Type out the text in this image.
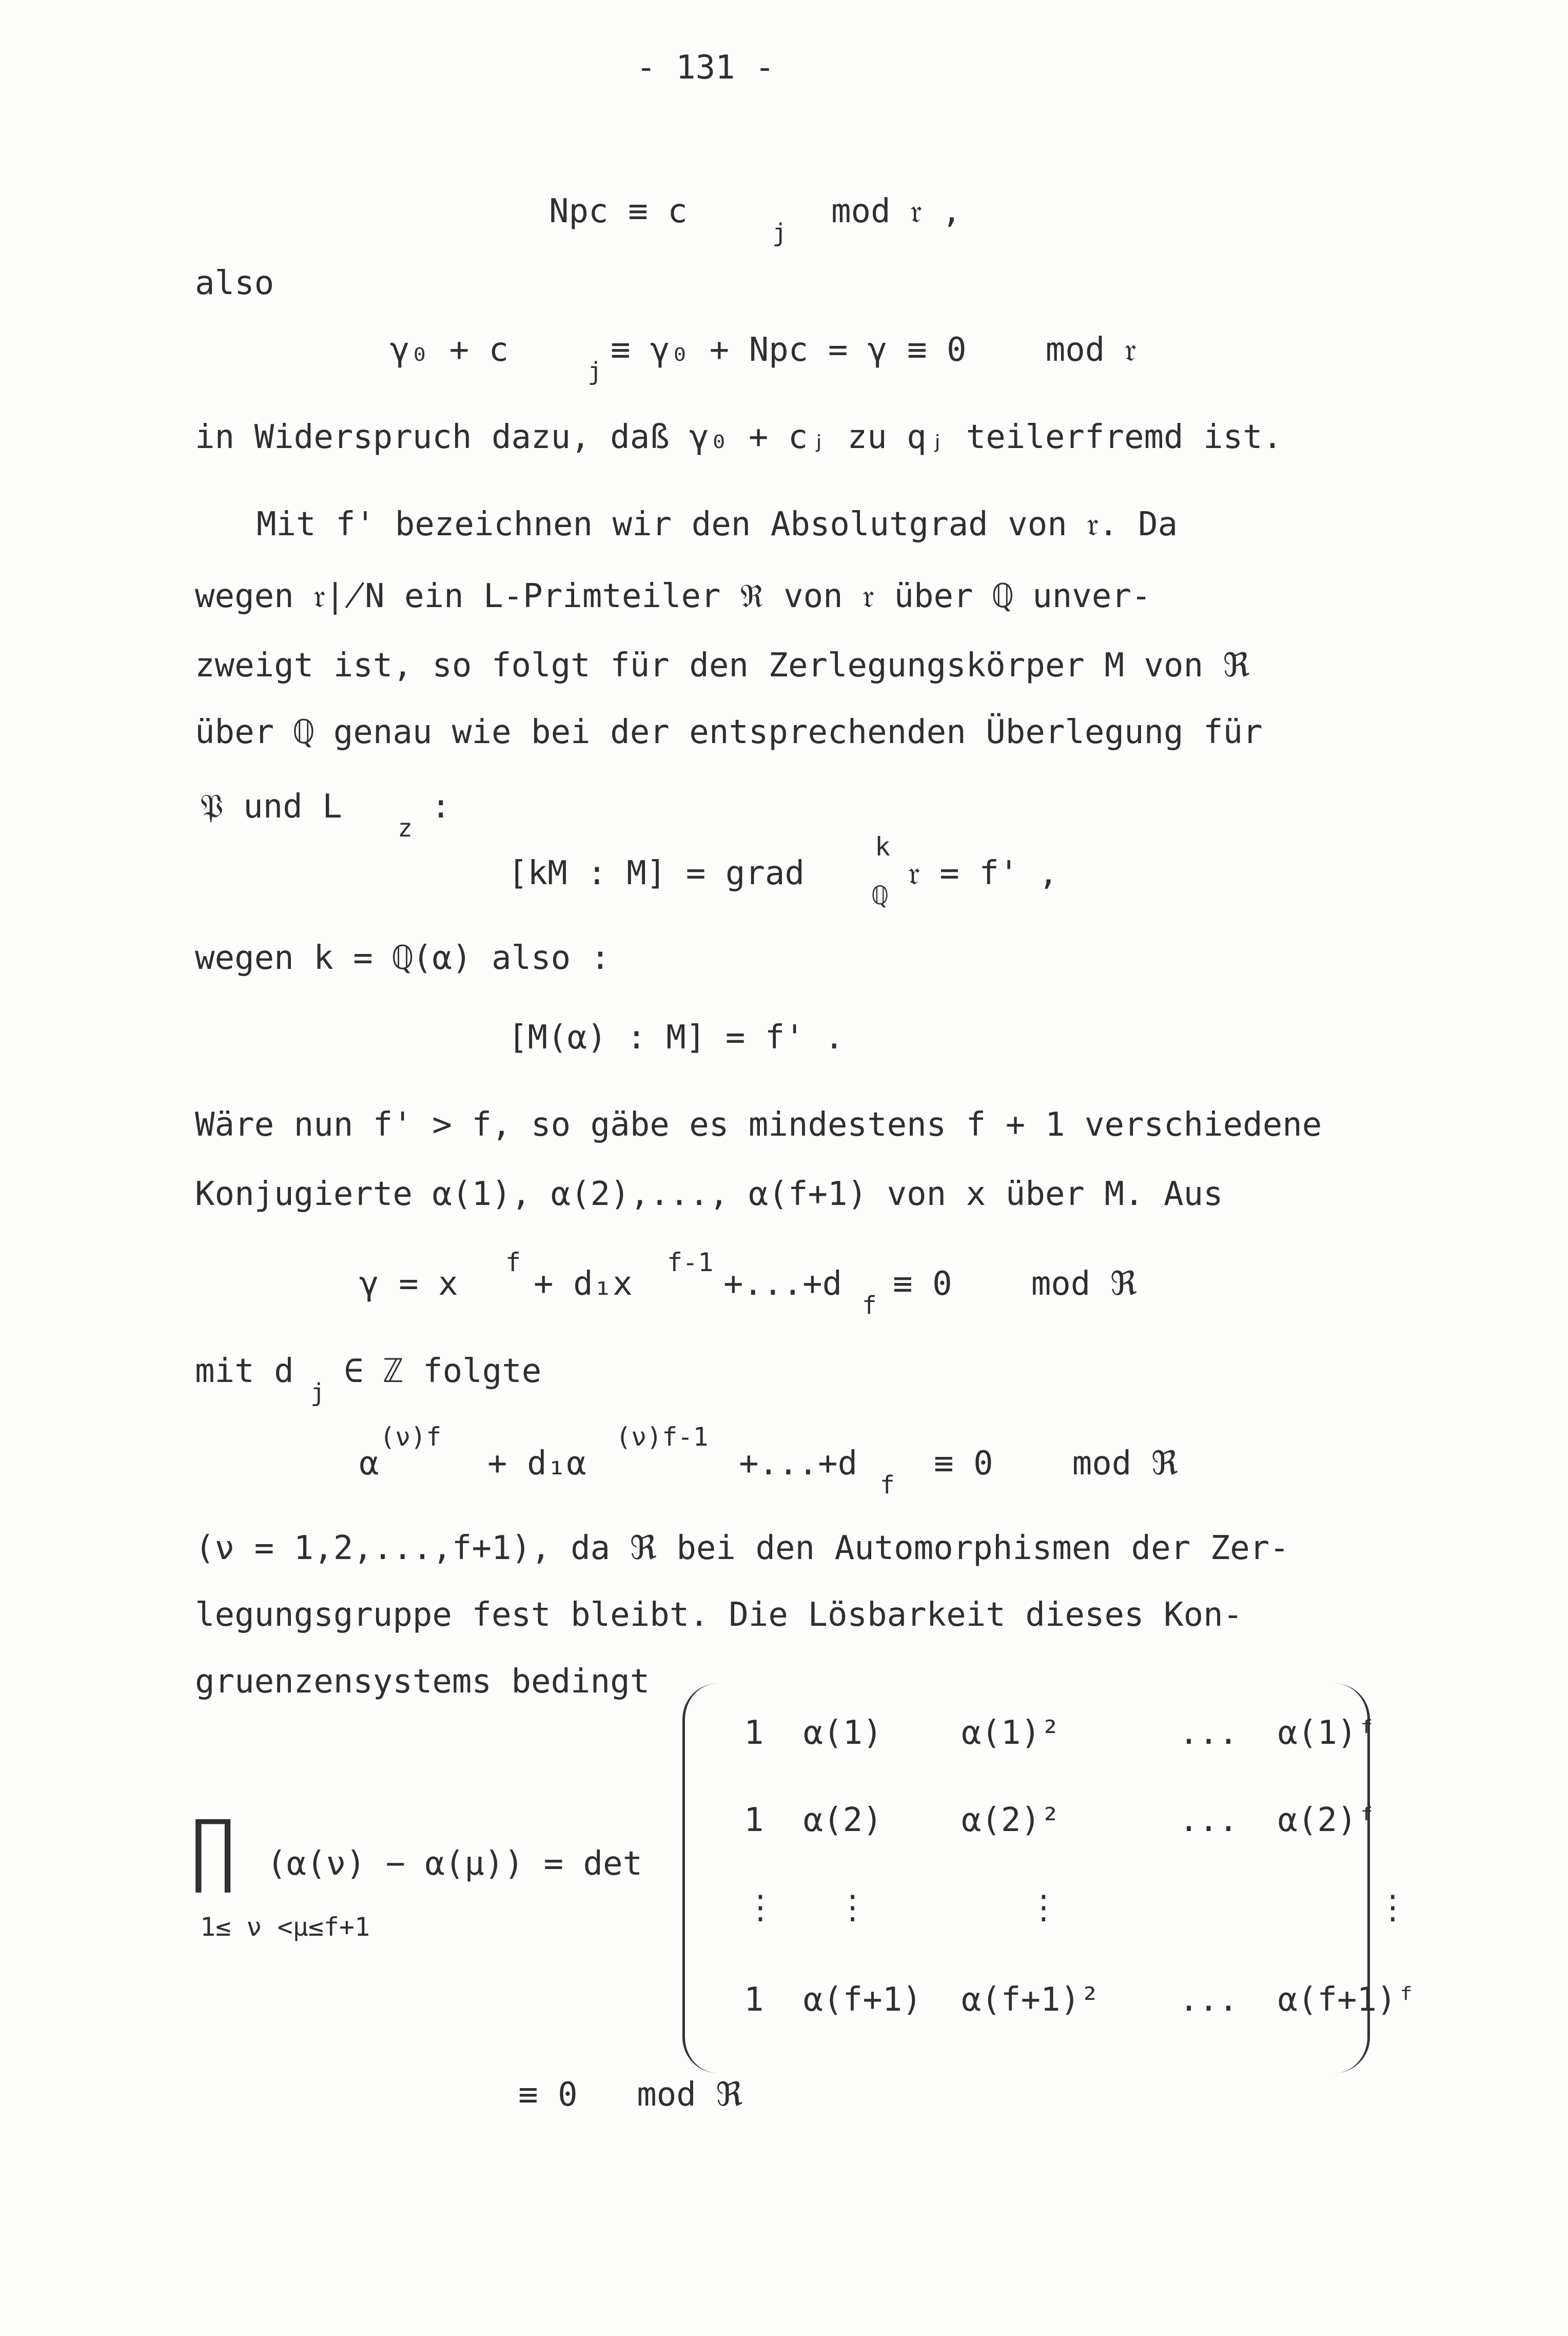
- 131 -
Npc ≡ c
j
mod 𝔯 ,
also
γ₀ + c
j
≡ γ₀ + Npc = γ ≡ 0    mod 𝔯
in Widerspruch dazu, daß γ₀ + cⱼ zu qⱼ teilerfremd ist.
Mit f' bezeichnen wir den Absolutgrad von 𝔯. Da
wegen 𝔯∤N ein L-Primteiler ℜ von 𝔯 über ℚ unver-
zweigt ist, so folgt für den Zerlegungskörper M von ℜ
über ℚ genau wie bei der entsprechenden Überlegung für
𝔓 und L
z
:
[kM : M] = grad
k
ℚ
𝔯 = f' ,
wegen k = ℚ(α) also :
[M(α) : M] = f' .
Wäre nun f' > f, so gäbe es mindestens f + 1 verschiedene
Konjugierte α(1), α(2),..., α(f+1) von x über M. Aus
γ = x
f
+ d₁x
f-1
+...+d
f
≡ 0    mod ℜ
mit d
j
∈ ℤ folgte
α
(ν)f
+ d₁α
(ν)f-1
+...+d
f
≡ 0    mod ℜ
(ν = 1,2,...,f+1), da ℜ bei den Automorphismen der Zer-
legungsgruppe fest bleibt. Die Lösbarkeit dieses Kon-
gruenzensystems bedingt
∏ (α(ν) − α(μ)) = det
1≤ ν <μ≤f+1
1  α(1)    α(1)²      ...  α(1)ᶠ
1  α(2)    α(2)²      ...  α(2)ᶠ
⋮   ⋮        ⋮                ⋮
1  α(f+1)  α(f+1)²    ...  α(f+1)ᶠ
≡ 0   mod ℜ
